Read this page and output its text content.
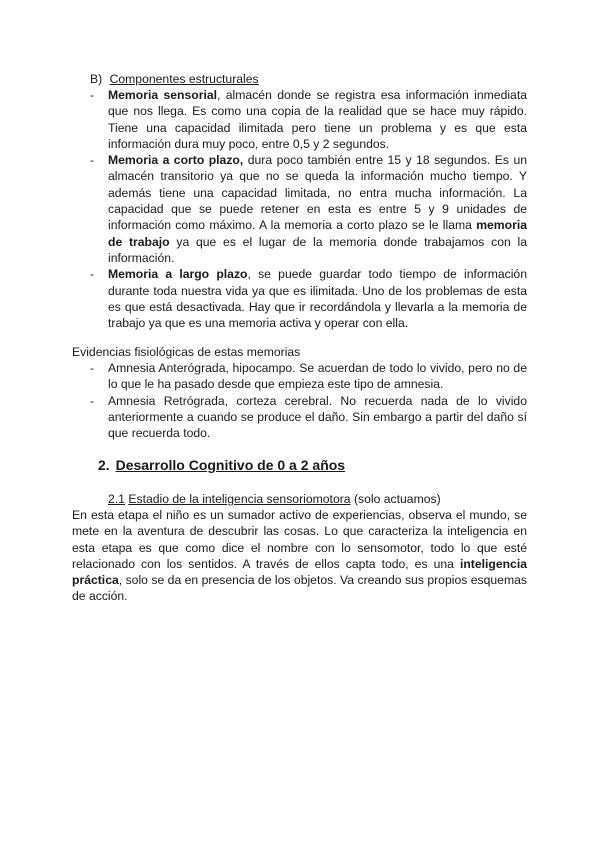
B) Componentes estructurales
- Memoria sensorial, almacén donde se registra esa información inmediata que nos llega. Es como una copia de la realidad que se hace muy rápido. Tiene una capacidad ilimitada pero tiene un problema y es que esta información dura muy poco, entre 0,5 y 2 segundos.
- Memoria a corto plazo, dura poco también entre 15 y 18 segundos. Es un almacén transitorio ya que no se queda la información mucho tiempo. Y además tiene una capacidad limitada, no entra mucha información. La capacidad que se puede retener en esta es entre 5 y 9 unidades de información como máximo. A la memoria a corto plazo se le llama memoria de trabajo ya que es el lugar de la memoria donde trabajamos con la información.
- Memoria a largo plazo, se puede guardar todo tiempo de información durante toda nuestra vida ya que es ilimitada. Uno de los problemas de esta es que está desactivada. Hay que ir recordándola y llevarla a la memoria de trabajo ya que es una memoria activa y operar con ella.
Evidencias fisiológicas de estas memorias
- Amnesia Anterógrada, hipocampo. Se acuerdan de todo lo vivido, pero no de lo que le ha pasado desde que empieza este tipo de amnesia.
- Amnesia Retrógrada, corteza cerebral. No recuerda nada de lo vivido anteriormente a cuando se produce el daño. Sin embargo a partir del daño sí que recuerda todo.
2. Desarrollo Cognitivo de 0 a 2 años
2.1 Estadio de la inteligencia sensoriomotora (solo actuamos)

En esta etapa el niño es un sumador activo de experiencias, observa el mundo, se mete en la aventura de descubrir las cosas. Lo que caracteriza la inteligencia en esta etapa es que como dice el nombre con lo sensomotor, todo lo que esté relacionado con los sentidos. A través de ellos capta todo, es una inteligencia práctica, solo se da en presencia de los objetos. Va creando sus propios esquemas de acción.
